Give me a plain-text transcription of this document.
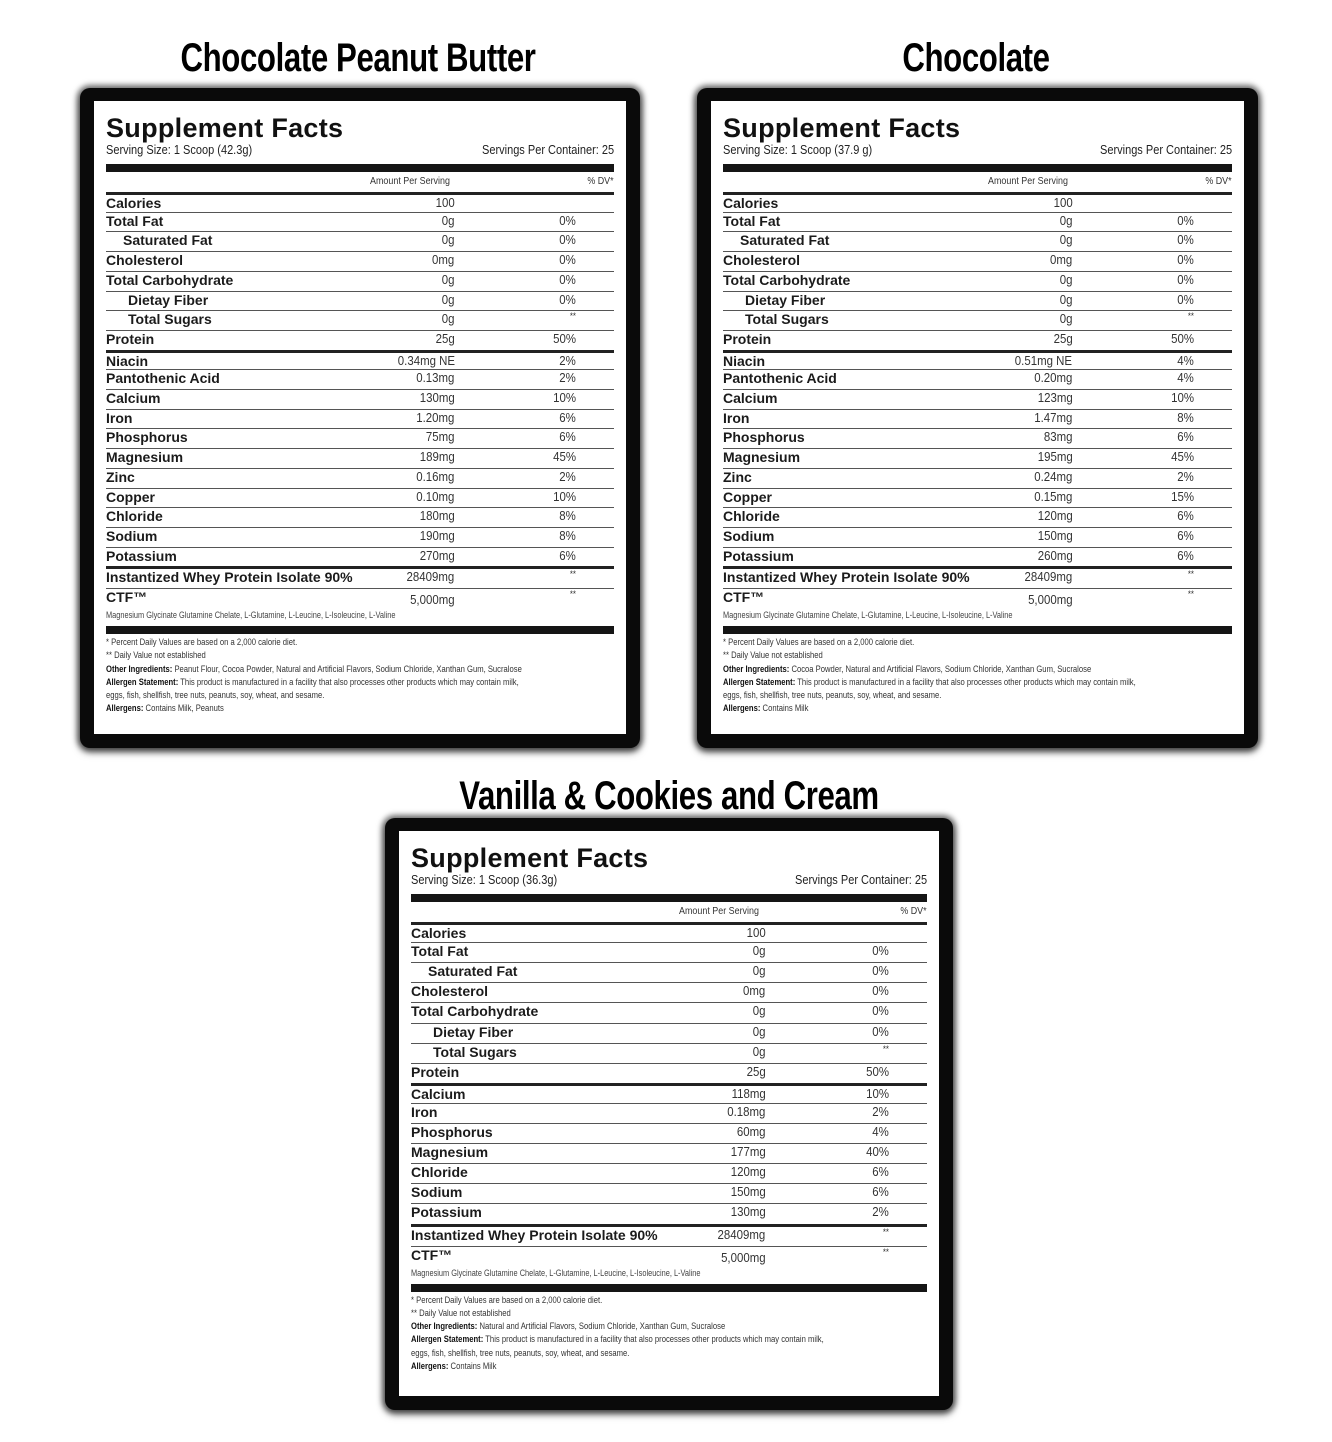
Chocolate Peanut Butter
Supplement Facts
Serving Size: 1 Scoop (42.3g)	Servings Per Container: 25
Amount Per Serving	% DV*
Calories	100
Total Fat	0g	0%
Saturated Fat	0g	0%
Cholesterol	0mg	0%
Total Carbohydrate	0g	0%
Dietay Fiber	0g	0%
Total Sugars	0g	**
Protein	25g	50%
Niacin	0.34mg NE	2%
Pantothenic Acid	0.13mg	2%
Calcium	130mg	10%
Iron	1.20mg	6%
Phosphorus	75mg	6%
Magnesium	189mg	45%
Zinc	0.16mg	2%
Copper	0.10mg	10%
Chloride	180mg	8%
Sodium	190mg	8%
Potassium	270mg	6%
Instantized Whey Protein Isolate 90%	28409mg	**
CTF™	5,000mg	**
Magnesium Glycinate Glutamine Chelate, L-Glutamine, L-Leucine, L-Isoleucine, L-Valine
* Percent Daily Values are based on a 2,000 calorie diet.
** Daily Value not established
Other Ingredients: Peanut Flour, Cocoa Powder, Natural and Artificial Flavors, Sodium Chloride, Xanthan Gum, Sucralose
Allergen Statement: This product is manufactured in a facility that also processes other products which may contain milk,
eggs, fish, shellfish, tree nuts, peanuts, soy, wheat, and sesame.
Allergens: Contains Milk, Peanuts
Chocolate
Supplement Facts
Serving Size: 1 Scoop (37.9 g)	Servings Per Container: 25
Amount Per Serving	% DV*
Calories	100
Total Fat	0g	0%
Saturated Fat	0g	0%
Cholesterol	0mg	0%
Total Carbohydrate	0g	0%
Dietay Fiber	0g	0%
Total Sugars	0g	**
Protein	25g	50%
Niacin	0.51mg NE	4%
Pantothenic Acid	0.20mg	4%
Calcium	123mg	10%
Iron	1.47mg	8%
Phosphorus	83mg	6%
Magnesium	195mg	45%
Zinc	0.24mg	2%
Copper	0.15mg	15%
Chloride	120mg	6%
Sodium	150mg	6%
Potassium	260mg	6%
Instantized Whey Protein Isolate 90%	28409mg	**
CTF™	5,000mg	**
Magnesium Glycinate Glutamine Chelate, L-Glutamine, L-Leucine, L-Isoleucine, L-Valine
* Percent Daily Values are based on a 2,000 calorie diet.
** Daily Value not established
Other Ingredients: Cocoa Powder, Natural and Artificial Flavors, Sodium Chloride, Xanthan Gum, Sucralose
Allergen Statement: This product is manufactured in a facility that also processes other products which may contain milk,
eggs, fish, shellfish, tree nuts, peanuts, soy, wheat, and sesame.
Allergens: Contains Milk
Vanilla & Cookies and Cream
Supplement Facts
Serving Size: 1 Scoop (36.3g)	Servings Per Container: 25
Amount Per Serving	% DV*
Calories	100
Total Fat	0g	0%
Saturated Fat	0g	0%
Cholesterol	0mg	0%
Total Carbohydrate	0g	0%
Dietay Fiber	0g	0%
Total Sugars	0g	**
Protein	25g	50%
Calcium	118mg	10%
Iron	0.18mg	2%
Phosphorus	60mg	4%
Magnesium	177mg	40%
Chloride	120mg	6%
Sodium	150mg	6%
Potassium	130mg	2%
Instantized Whey Protein Isolate 90%	28409mg	**
CTF™	5,000mg	**
Magnesium Glycinate Glutamine Chelate, L-Glutamine, L-Leucine, L-Isoleucine, L-Valine
* Percent Daily Values are based on a 2,000 calorie diet.
** Daily Value not established
Other Ingredients: Natural and Artificial Flavors, Sodium Chloride, Xanthan Gum, Sucralose
Allergen Statement: This product is manufactured in a facility that also processes other products which may contain milk,
eggs, fish, shellfish, tree nuts, peanuts, soy, wheat, and sesame.
Allergens: Contains Milk
